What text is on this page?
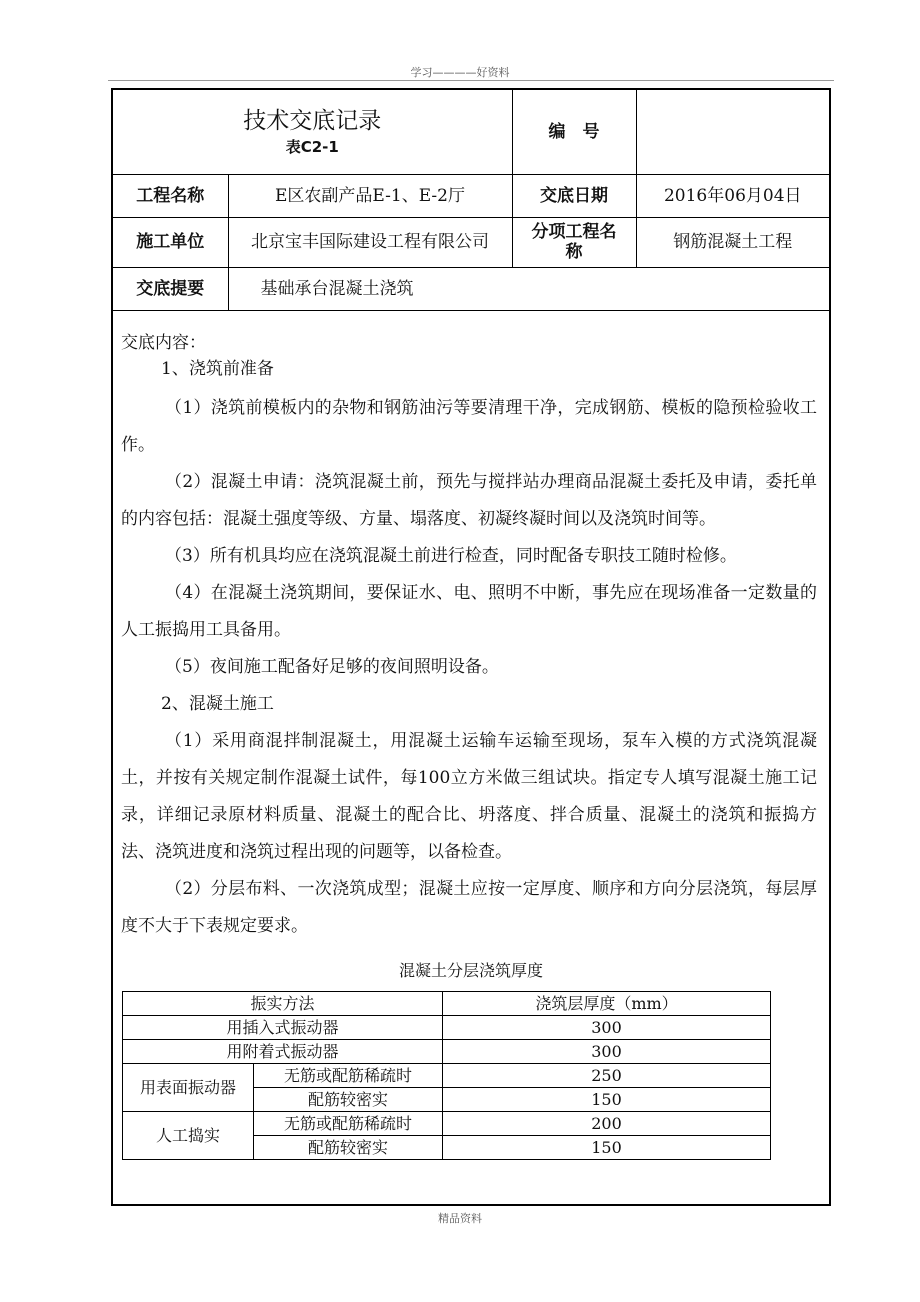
学习————好资料
技术交底记录
表C2-1		编　号	
工程名称	E区农副产品E-1、E-2厅	交底日期	2016年06月04日
施工单位	北京宝丰国际建设工程有限公司	分项工程名称	钢筋混凝土工程
交底提要	基础承台混凝土浇筑		
交底内容：
1、浇筑前准备

（1）浇筑前模板内的杂物和钢筋油污等要清理干净，完成钢筋、模板的隐预检验收工作。

（2）混凝土申请：浇筑混凝土前，预先与搅拌站办理商品混凝土委托及申请，委托单的内容包括：混凝土强度等级、方量、塌落度、初凝终凝时间以及浇筑时间等。

（3）所有机具均应在浇筑混凝土前进行检查，同时配备专职技工随时检修。

（4）在混凝土浇筑期间，要保证水、电、照明不中断，事先应在现场准备一定数量的人工振捣用工具备用。

（5）夜间施工配备好足够的夜间照明设备。

2、混凝土施工

（1）采用商混拌制混凝土，用混凝土运输车运输至现场，泵车入模的方式浇筑混凝土，并按有关规定制作混凝土试件，每100立方米做三组试块。指定专人填写混凝土施工记录，详细记录原材料质量、混凝土的配合比、坍落度、拌合质量、混凝土的浇筑和振捣方法、浇筑进度和浇筑过程出现的问题等，以备检查。

（2）分层布料、一次浇筑成型；混凝土应按一定厚度、顺序和方向分层浇筑，每层厚度不大于下表规定要求。

混凝土分层浇筑厚度
振实方法		浇筑层厚度（mm）
用插入式振动器		300
用附着式振动器		300
用表面振动器	无筋或配筋稀疏时	250
	配筋较密实	150
人工捣实	无筋或配筋稀疏时	200
	配筋较密实	150
精品资料
